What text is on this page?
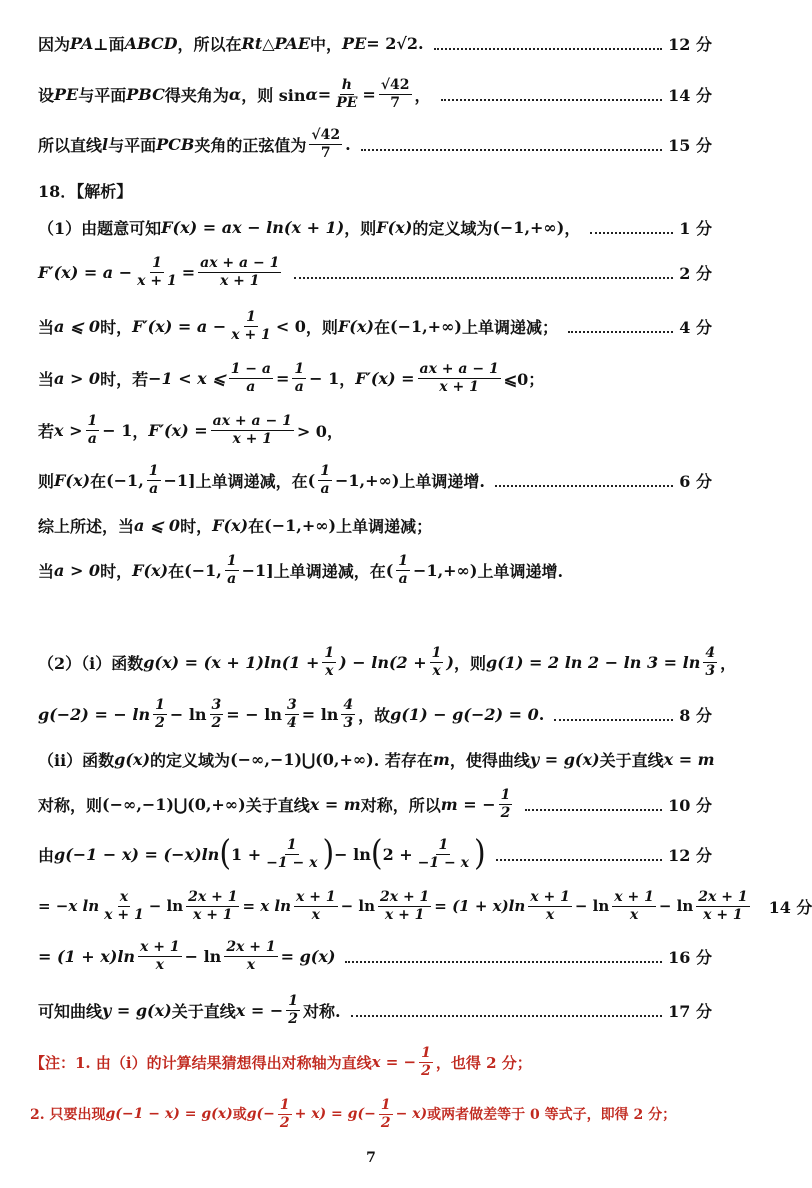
因为 PA ⊥面 ABCD ，所以在 Rt △ PAE 中， PE = 2√2 .	12 分
设 PE 与平面 PBC 得夹角为 α ，则 $\sin \alpha = \frac{h}{PE} = \frac{√42}{7}$ ，	14 分
所以直线 l 与平面 PCB 夹角的正弦值为 $\frac{√42}{7}$ .	15 分
18．【解析】
（1）由题意可知 F(x) = ax − ln(x + 1) ，则 F(x) 的定义域为 (−1,+∞) ，	1 分
$F'(x) = a - \frac{1}{x + 1} = \frac{ax + a - 1}{x + 1}$	2 分
当 a ⩽ 0 时， $F'(x) = a - \frac{1}{x + 1} < 0$ ，则 F(x) 在 (−1,+∞) 上单调递减；	4 分
当 a > 0 时，若 −1 < x ⩽ $\frac{1 - a}{a} = \frac{1}{a} - 1$ ， $F'(x) = \frac{ax + a - 1}{x + 1}$ ⩽0；
若 $x > \frac{1}{a} - 1$ ， $F'(x) = \frac{ax + a - 1}{x + 1} > 0$，
则 F(x) 在 (−1, $\frac{1}{a} -1$] 上单调递减，在 ( $\frac{1}{a} -1,+\infty$) 上单调递增.	6 分
综上所述，当 a ⩽ 0 时， F(x) 在 (−1,+∞) 上单调递减；
当 a > 0 时， F(x) 在 (−1, $\frac{1}{a} -1$] 上单调递减，在 ( $\frac{1}{a} -1,+\infty$) 上单调递增.
（2）（i）函数 $g(x) = (x + 1)\ln(1 + \frac{1}{x}$ ) − $\ln(2 + \frac{1}{x}$ ) ，则 g(1) = 2 $\ln 2 - \ln 3 = \ln \frac{4}{3}$ ，
g(−2) = − $\ln \frac{1}{2} - \ln \frac{3}{2}$ = − $\ln \frac{3}{4} = \ln \frac{4}{3}$ ，故 g(1) − g(−2) = 0 .	8 分
（ii）函数 g(x) 的定义域为 (−∞,−1)⋃(0,+∞) . 若存在 m ，使得曲线 y = g(x) 关于直线 x = m
对称，则 (−∞,−1)⋃(0,+∞) 关于直线 x = m 对称，所以 m = − $\frac{1}{2}$	10 分
由 g(−1 − x) = (−x)ln ( $1 + \frac{1}{-1 - x}$ ) − ln ( $2 + \frac{1}{-1 - x}$ )	12 分
= −x $\ln \frac{x}{x + 1} - \ln \frac{2x + 1}{x + 1} = x$ $\ln \frac{x + 1}{x} - \ln \frac{2x + 1}{x + 1} = (1 + x)\ln \frac{x + 1}{x} - \ln \frac{x + 1}{x} - \ln \frac{2x + 1}{x + 1} 14$ 分
= $(1 + x)\ln \frac{x + 1}{x} - \ln \frac{2x + 1}{x} = g(x)$	16 分
可知曲线 y = g(x) 关于直线 x = − $\frac{1}{2}$ 对称.	17 分
【注：1. 由（i）的计算结果猜想得出对称轴为直线 x = − $\frac{1}{2}$ ，也得 2 分；
2. 只要出现 g(−1 − x) = g(x) 或 $g(- \frac{1}{2} + x) = g(- \frac{1}{2} - x)$ 或两者做差等于 0 等式子，即得 2 分；
7
